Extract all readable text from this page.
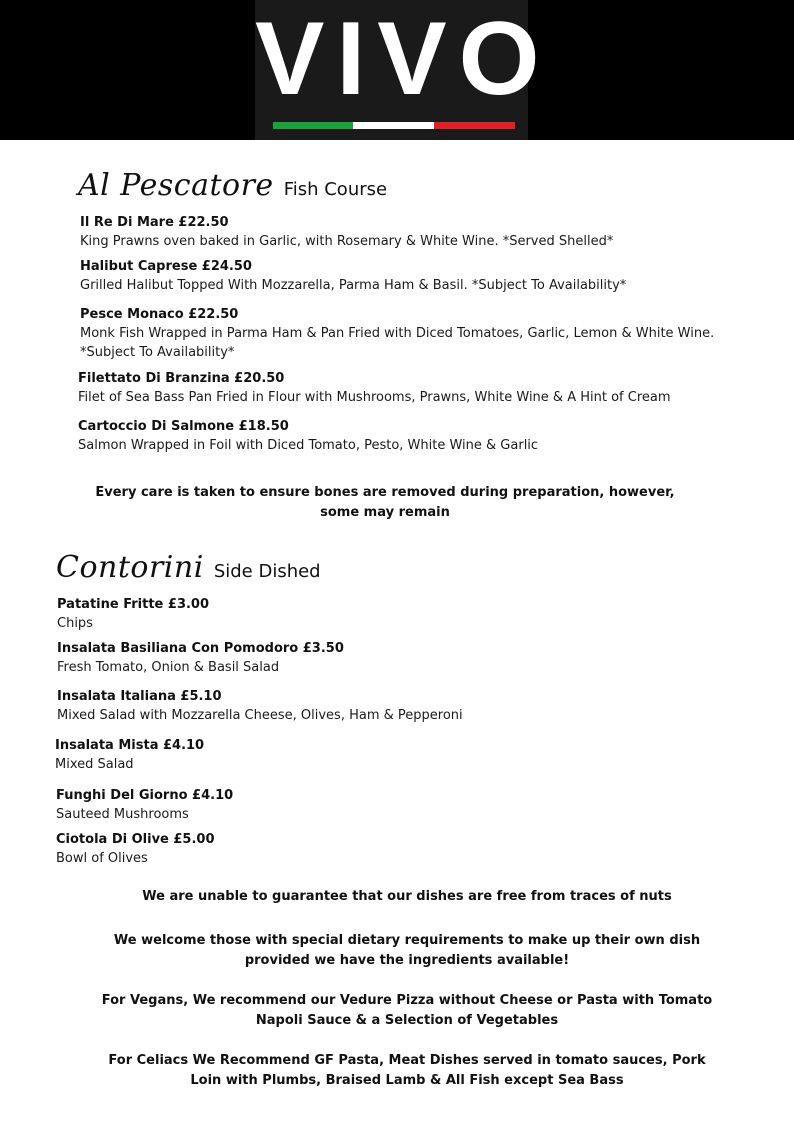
VIVO
Al Pescatore Fish Course
Il Re Di Mare £22.50
King Prawns oven baked in Garlic, with Rosemary & White Wine. *Served Shelled*
Halibut Caprese £24.50
Grilled Halibut Topped With Mozzarella, Parma Ham & Basil. *Subject To Availability*
Pesce Monaco £22.50
Monk Fish Wrapped in Parma Ham & Pan Fried with Diced Tomatoes, Garlic, Lemon & White Wine.
*Subject To Availability*
Filettato Di Branzina £20.50
Filet of Sea Bass Pan Fried in Flour with Mushrooms, Prawns, White Wine & A Hint of Cream
Cartoccio Di Salmone £18.50
Salmon Wrapped in Foil with Diced Tomato, Pesto, White Wine & Garlic
Every care is taken to ensure bones are removed during preparation, however, some may remain
Contorini Side Dished
Patatine Fritte £3.00
Chips
Insalata Basiliana Con Pomodoro £3.50
Fresh Tomato, Onion & Basil Salad
Insalata Italiana £5.10
Mixed Salad with Mozzarella Cheese, Olives, Ham & Pepperoni
Insalata Mista £4.10
Mixed Salad
Funghi Del Giorno £4.10
Sauteed Mushrooms
Ciotola Di Olive £5.00
Bowl of Olives
We are unable to guarantee that our dishes are free from traces of nuts
We welcome those with special dietary requirements to make up their own dish provided we have the ingredients available!
For Vegans, We recommend our Vedure Pizza without Cheese or Pasta with Tomato Napoli Sauce & a Selection of Vegetables
For Celiacs We Recommend GF Pasta, Meat Dishes served in tomato sauces, Pork Loin with Plumbs, Braised Lamb & All Fish except Sea Bass
